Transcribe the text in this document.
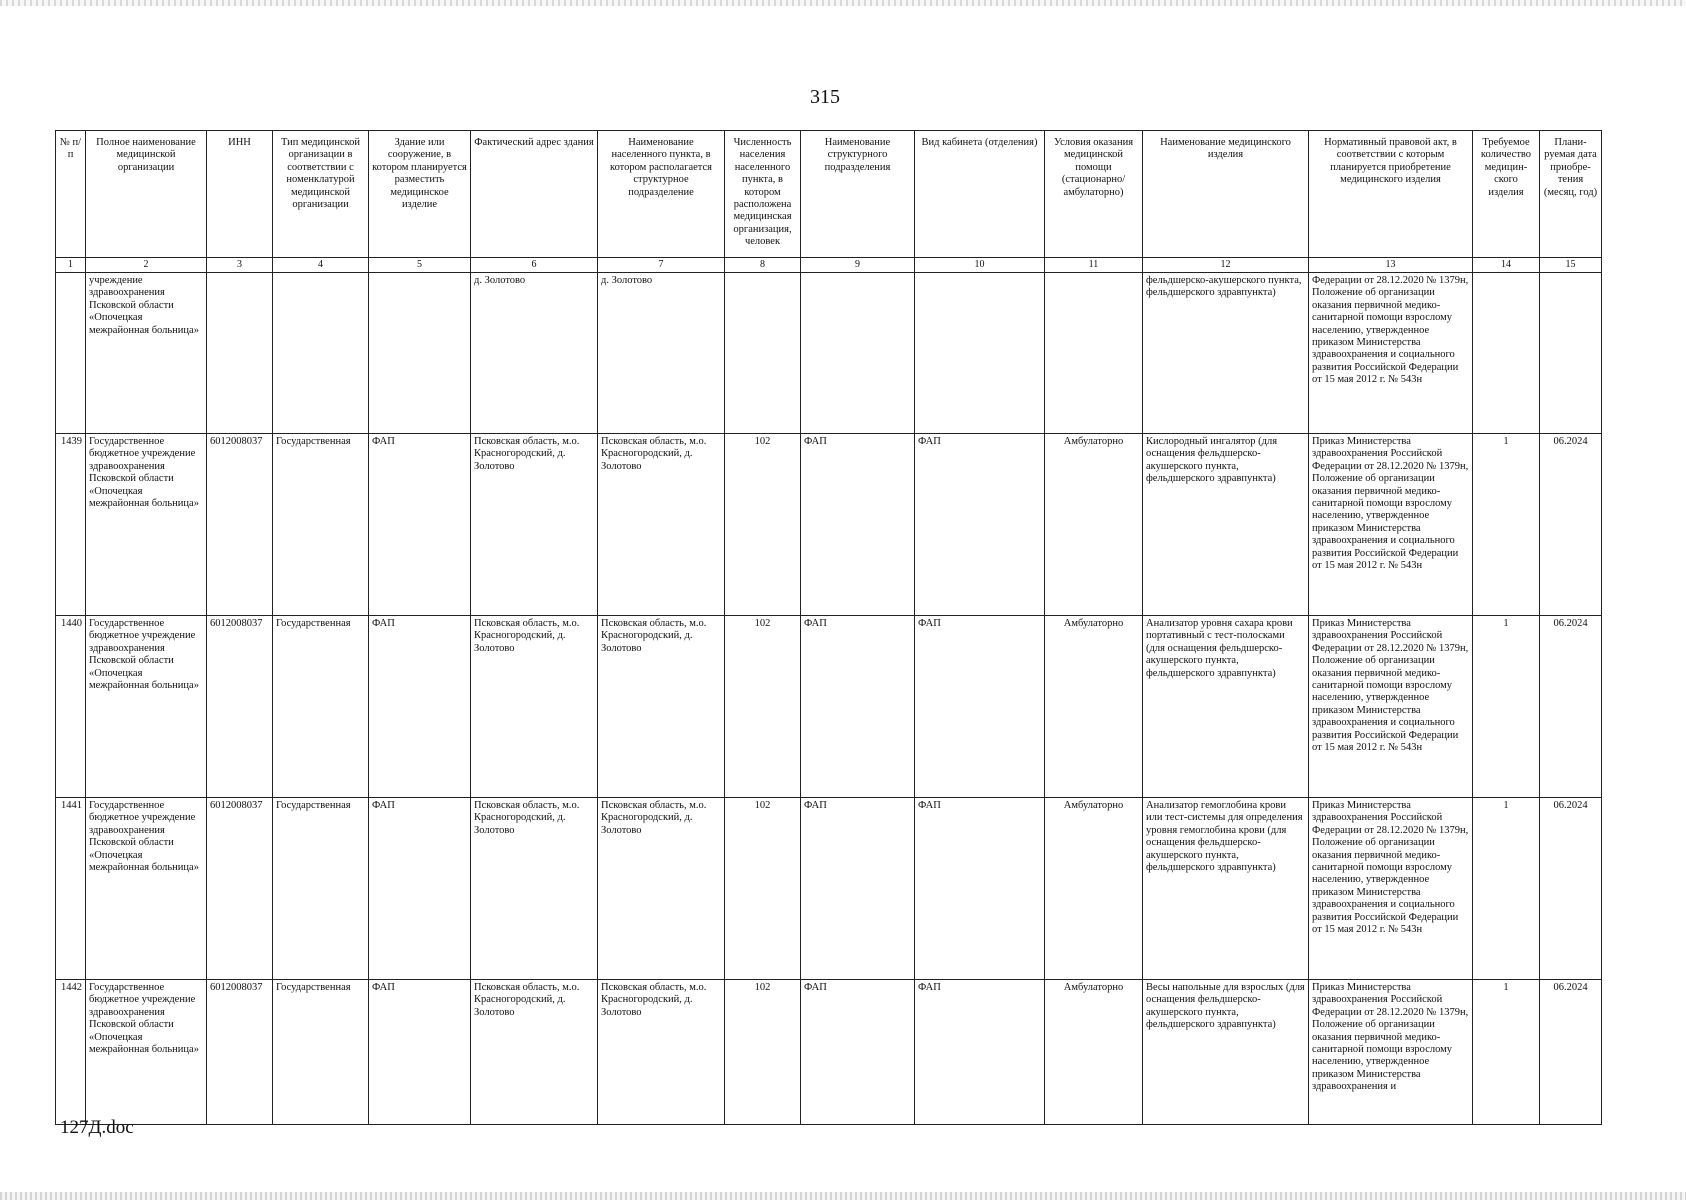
315
№ п/п	Полное наименование медицинской организации	ИНН	Тип медицинской организации в соответствии с номенклатурой медицинской организации	Здание или сооружение, в котором планируется разместить медицинское изделие	Фактический адрес здания	Наименование населенного пункта, в котором располагается структурное подразделение	Численность населения населенного пункта, в котором расположена медицинская организация, человек	Наименование структурного подразделения	Вид кабинета (отделения)	Условия оказания медицинской помощи (стационарно/ амбулаторно)	Наименование медицинского изделия	Нормативный правовой акт, в соответствии с которым планируется приобретение медицинского изделия	Требуемое количество медицин-ского изделия	Плани-руемая дата приобре-тения (месяц, год)
1	2	3	4	5	6	7	8	9	10	11	12	13	14	15
	учреждение здравоохранения Псковской области «Опочецкая межрайонная больница»				д. Золотово	д. Золотово					фельдшерско-акушерского пункта, фельдшерского здравпункта)	Федерации от 28.12.2020 № 1379н, Положение об организации оказания первичной медико-санитарной помощи взрослому населению, утвержденное приказом Министерства здравоохранения и социального развития Российской Федерации от 15 мая 2012 г. № 543н		
1439	Государственное бюджетное учреждение здравоохранения Псковской области «Опочецкая межрайонная больница»	6012008037	Государственная	ФАП	Псковская область, м.о. Красногородский, д. Золотово	Псковская область, м.о. Красногородский, д. Золотово	102	ФАП	ФАП	Амбулаторно	Кислородный ингалятор (для оснащения фельдшерско-акушерского пункта, фельдшерского здравпункта)	Приказ Министерства здравоохранения Российской Федерации от 28.12.2020 № 1379н, Положение об организации оказания первичной медико-санитарной помощи взрослому населению, утвержденное приказом Министерства здравоохранения и социального развития Российской Федерации от 15 мая 2012 г. № 543н	1	06.2024
1440	Государственное бюджетное учреждение здравоохранения Псковской области «Опочецкая межрайонная больница»	6012008037	Государственная	ФАП	Псковская область, м.о. Красногородский, д. Золотово	Псковская область, м.о. Красногородский, д. Золотово	102	ФАП	ФАП	Амбулаторно	Анализатор уровня сахара крови портативный с тест-полосками (для оснащения фельдшерско-акушерского пункта, фельдшерского здравпункта)	Приказ Министерства здравоохранения Российской Федерации от 28.12.2020 № 1379н, Положение об организации оказания первичной медико-санитарной помощи взрослому населению, утвержденное приказом Министерства здравоохранения и социального развития Российской Федерации от 15 мая 2012 г. № 543н	1	06.2024
1441	Государственное бюджетное учреждение здравоохранения Псковской области «Опочецкая межрайонная больница»	6012008037	Государственная	ФАП	Псковская область, м.о. Красногородский, д. Золотово	Псковская область, м.о. Красногородский, д. Золотово	102	ФАП	ФАП	Амбулаторно	Анализатор гемоглобина крови или тест-системы для определения уровня гемоглобина крови (для оснащения фельдшерско-акушерского пункта, фельдшерского здравпункта)	Приказ Министерства здравоохранения Российской Федерации от 28.12.2020 № 1379н, Положение об организации оказания первичной медико-санитарной помощи взрослому населению, утвержденное приказом Министерства здравоохранения и социального развития Российской Федерации от 15 мая 2012 г. № 543н	1	06.2024
1442	Государственное бюджетное учреждение здравоохранения Псковской области «Опочецкая межрайонная больница»	6012008037	Государственная	ФАП	Псковская область, м.о. Красногородский, д. Золотово	Псковская область, м.о. Красногородский, д. Золотово	102	ФАП	ФАП	Амбулаторно	Весы напольные для взрослых (для оснащения фельдшерско-акушерского пункта, фельдшерского здравпункта)	Приказ Министерства здравоохранения Российской Федерации от 28.12.2020 № 1379н, Положение об организации оказания первичной медико-санитарной помощи взрослому населению, утвержденное приказом Министерства здравоохранения и	1	06.2024
127Д.doc
